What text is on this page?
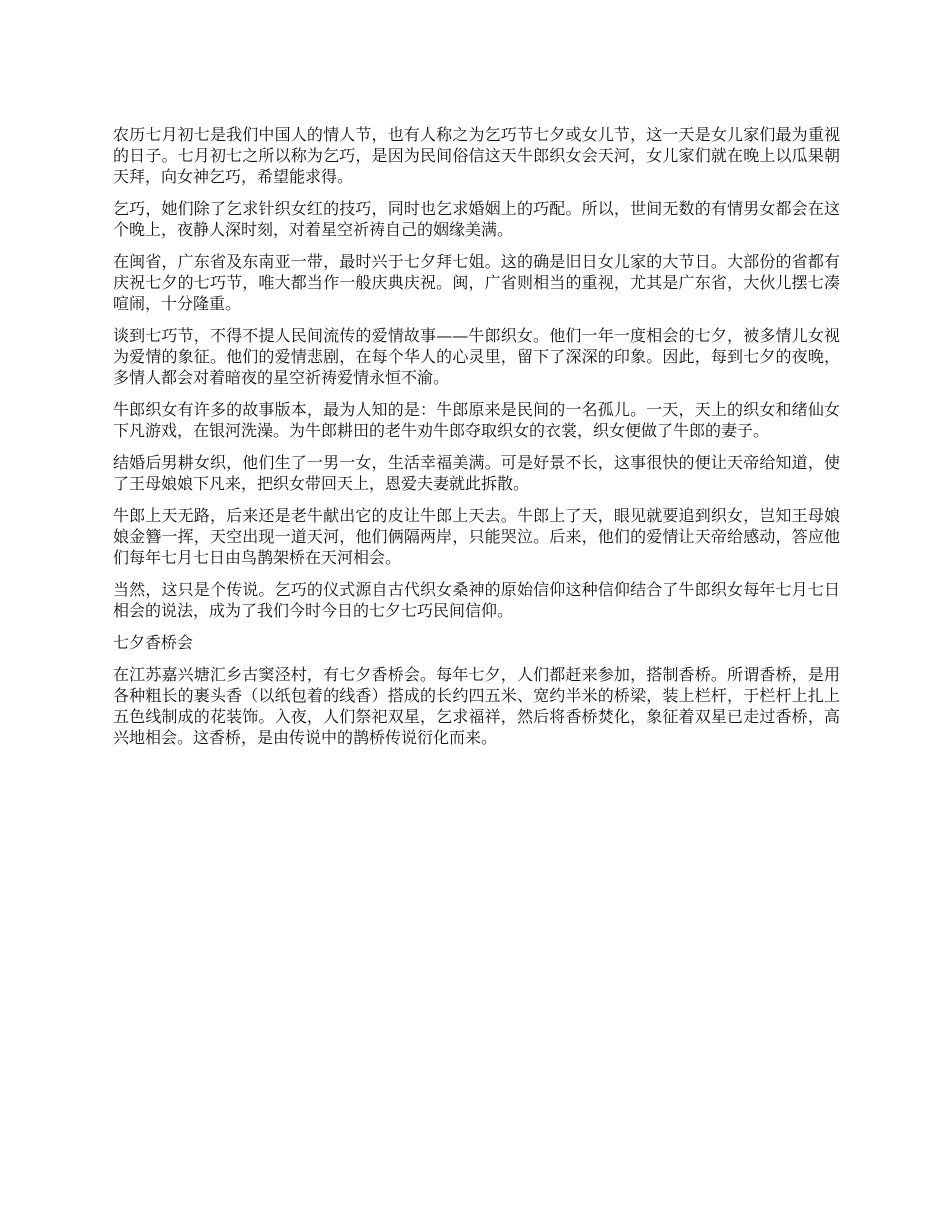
农历七月初七是我们中国人的情人节，也有人称之为乞巧节七夕或女儿节，这一天是女儿家们最为重视的日子。七月初七之所以称为乞巧，是因为民间俗信这天牛郎织女会天河，女儿家们就在晚上以瓜果朝天拜，向女神乞巧，希望能求得。

乞巧，她们除了乞求针织女红的技巧，同时也乞求婚姻上的巧配。所以，世间无数的有情男女都会在这个晚上，夜静人深时刻，对着星空祈祷自己的姻缘美满。

在闽省，广东省及东南亚一带，最时兴于七夕拜七姐。这的确是旧日女儿家的大节日。大部份的省都有庆祝七夕的七巧节，唯大都当作一般庆典庆祝。闽，广省则相当的重视，尤其是广东省，大伙儿摆七凑喧闹，十分隆重。

谈到七巧节，不得不提人民间流传的爱情故事——牛郎织女。他们一年一度相会的七夕，被多情儿女视为爱情的象征。他们的爱情悲剧，在每个华人的心灵里，留下了深深的印象。因此，每到七夕的夜晚，多情人都会对着暗夜的星空祈祷爱情永恒不渝。

牛郎织女有许多的故事版本，最为人知的是：牛郎原来是民间的一名孤儿。一天，天上的织女和绪仙女下凡游戏，在银河洗澡。为牛郎耕田的老牛劝牛郎夺取织女的衣裳，织女便做了牛郎的妻子。

结婚后男耕女织，他们生了一男一女，生活幸福美满。可是好景不长，这事很快的便让天帝给知道，使了王母娘娘下凡来，把织女带回天上，恩爱夫妻就此拆散。

牛郎上天无路，后来还是老牛献出它的皮让牛郎上天去。牛郎上了天，眼见就要追到织女，岂知王母娘娘金簪一挥，天空出现一道天河，他们俩隔两岸，只能哭泣。后来，他们的爱情让天帝给感动，答应他们每年七月七日由鸟鹊架桥在天河相会。

当然，这只是个传说。乞巧的仪式源自古代织女桑神的原始信仰这种信仰结合了牛郎织女每年七月七日相会的说法，成为了我们今时今日的七夕七巧民间信仰。

七夕香桥会

在江苏嘉兴塘汇乡古窦泾村，有七夕香桥会。每年七夕，人们都赶来参加，搭制香桥。所谓香桥，是用各种粗长的裹头香（以纸包着的线香）搭成的长约四五米、宽约半米的桥梁，装上栏杆，于栏杆上扎上五色线制成的花装饰。入夜，人们祭祀双星，乞求福祥，然后将香桥焚化，象征着双星已走过香桥，高兴地相会。这香桥，是由传说中的鹊桥传说衍化而来。
